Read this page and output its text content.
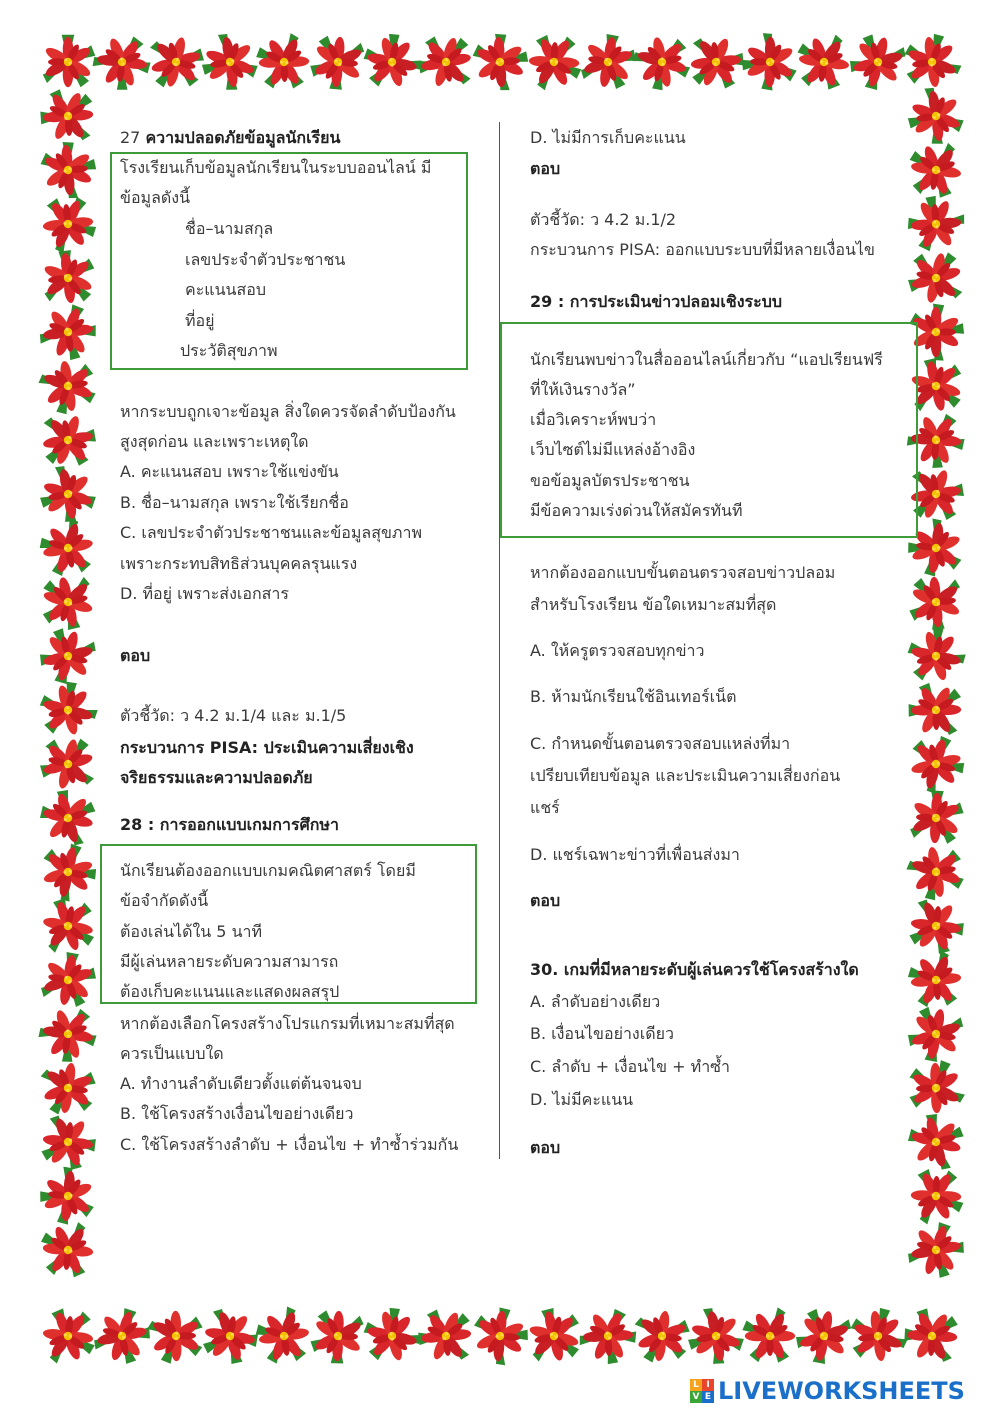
27 ความปลอดภัยข้อมูลนักเรียน
โรงเรียนเก็บข้อมูลนักเรียนในระบบออนไลน์ มี
ข้อมูลดังนี้
ชื่อ–นามสกุล
เลขประจำตัวประชาชน
คะแนนสอบ
ที่อยู่
ประวัติสุขภาพ
หากระบบถูกเจาะข้อมูล สิ่งใดควรจัดลำดับป้องกัน
สูงสุดก่อน และเพราะเหตุใด
A. คะแนนสอบ เพราะใช้แข่งขัน
B. ชื่อ–นามสกุล เพราะใช้เรียกชื่อ
C. เลขประจำตัวประชาชนและข้อมูลสุขภาพ
เพราะกระทบสิทธิส่วนบุคคลรุนแรง
D. ที่อยู่ เพราะส่งเอกสาร
ตอบ
ตัวชี้วัด: ว 4.2 ม.1/4 และ ม.1/5
กระบวนการ PISA: ประเมินความเสี่ยงเชิง
จริยธรรมและความปลอดภัย
28 : การออกแบบเกมการศึกษา
นักเรียนต้องออกแบบเกมคณิตศาสตร์ โดยมี
ข้อจำกัดดังนี้
ต้องเล่นได้ใน 5 นาที
มีผู้เล่นหลายระดับความสามารถ
ต้องเก็บคะแนนและแสดงผลสรุป
หากต้องเลือกโครงสร้างโปรแกรมที่เหมาะสมที่สุด
ควรเป็นแบบใด
A. ทำงานลำดับเดียวตั้งแต่ต้นจนจบ
B. ใช้โครงสร้างเงื่อนไขอย่างเดียว
C. ใช้โครงสร้างลำดับ + เงื่อนไข + ทำซ้ำร่วมกัน
D. ไม่มีการเก็บคะแนน
ตอบ
ตัวชี้วัด: ว 4.2 ม.1/2
กระบวนการ PISA: ออกแบบระบบที่มีหลายเงื่อนไข
29 : การประเมินข่าวปลอมเชิงระบบ
นักเรียนพบข่าวในสื่อออนไลน์เกี่ยวกับ “แอปเรียนฟรี
ที่ให้เงินรางวัล”
เมื่อวิเคราะห์พบว่า
เว็บไซต์ไม่มีแหล่งอ้างอิง
ขอข้อมูลบัตรประชาชน
มีข้อความเร่งด่วนให้สมัครทันที
หากต้องออกแบบขั้นตอนตรวจสอบข่าวปลอม
สำหรับโรงเรียน ข้อใดเหมาะสมที่สุด
A. ให้ครูตรวจสอบทุกข่าว
B. ห้ามนักเรียนใช้อินเทอร์เน็ต
C. กำหนดขั้นตอนตรวจสอบแหล่งที่มา
เปรียบเทียบข้อมูล และประเมินความเสี่ยงก่อน
แชร์
D. แชร์เฉพาะข่าวที่เพื่อนส่งมา
ตอบ
30. เกมที่มีหลายระดับผู้เล่นควรใช้โครงสร้างใด
A. ลำดับอย่างเดียว
B. เงื่อนไขอย่างเดียว
C. ลำดับ + เงื่อนไข + ทำซ้ำ
D. ไม่มีคะแนน
ตอบ
L I
V E LIVEWORKSHEETS
